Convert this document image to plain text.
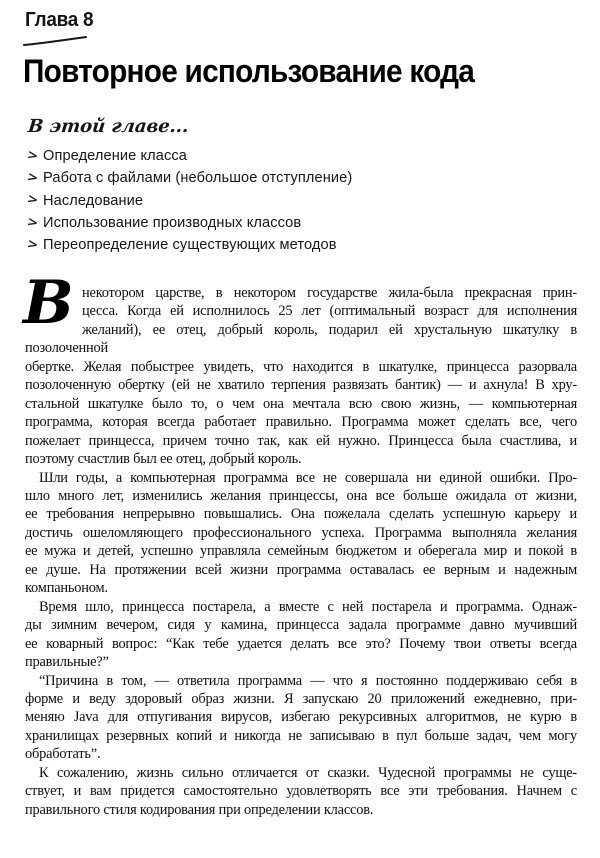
Глава 8
Повторное использование кода
В этой главе...
> Определение класса
> Работа с файлами (небольшое отступление)
> Наследование
> Использование производных классов
> Переопределение существующих методов
В некотором царстве, в некотором государстве жила-была прекрасная прин-
цесса. Когда ей исполнилось 25 лет (оптимальный возраст для исполнения
желаний), ее отец, добрый король, подарил ей хрустальную шкатулку в позолоченной
обертке. Желая побыстрее увидеть, что находится в шкатулке, принцесса разорвала
позолоченную обертку (ей не хватило терпения развязать бантик) — и ахнула! В хру-
стальной шкатулке было то, о чем она мечтала всю свою жизнь, — компьютерная
программа, которая всегда работает правильно. Программа может сделать все, чего
пожелает принцесса, причем точно так, как ей нужно. Принцесса была счастлива, и
поэтому счастлив был ее отец, добрый король.
Шли годы, а компьютерная программа все не совершала ни единой ошибки. Про-
шло много лет, изменились желания принцессы, она все больше ожидала от жизни,
ее требования непрерывно повышались. Она пожелала сделать успешную карьеру и
достичь ошеломляющего профессионального успеха. Программа выполняла желания
ее мужа и детей, успешно управляла семейным бюджетом и оберегала мир и покой в
ее душе. На протяжении всей жизни программа оставалась ее верным и надежным
компаньоном.
Время шло, принцесса постарела, а вместе с ней постарела и программа. Однаж-
ды зимним вечером, сидя у камина, принцесса задала программе давно мучивший
ее коварный вопрос: “Как тебе удается делать все это? Почему твои ответы всегда
правильные?”
“Причина в том, — ответила программа — что я постоянно поддерживаю себя в
форме и веду здоровый образ жизни. Я запускаю 20 приложений ежедневно, при-
меняю Java для отпугивания вирусов, избегаю рекурсивных алгоритмов, не курю в
хранилищах резервных копий и никогда не записываю в пул больше задач, чем могу
обработать”.
К сожалению, жизнь сильно отличается от сказки. Чудесной программы не суще-
ствует, и вам придется самостоятельно удовлетворять все эти требования. Начнем с
правильного стиля кодирования при определении классов.
